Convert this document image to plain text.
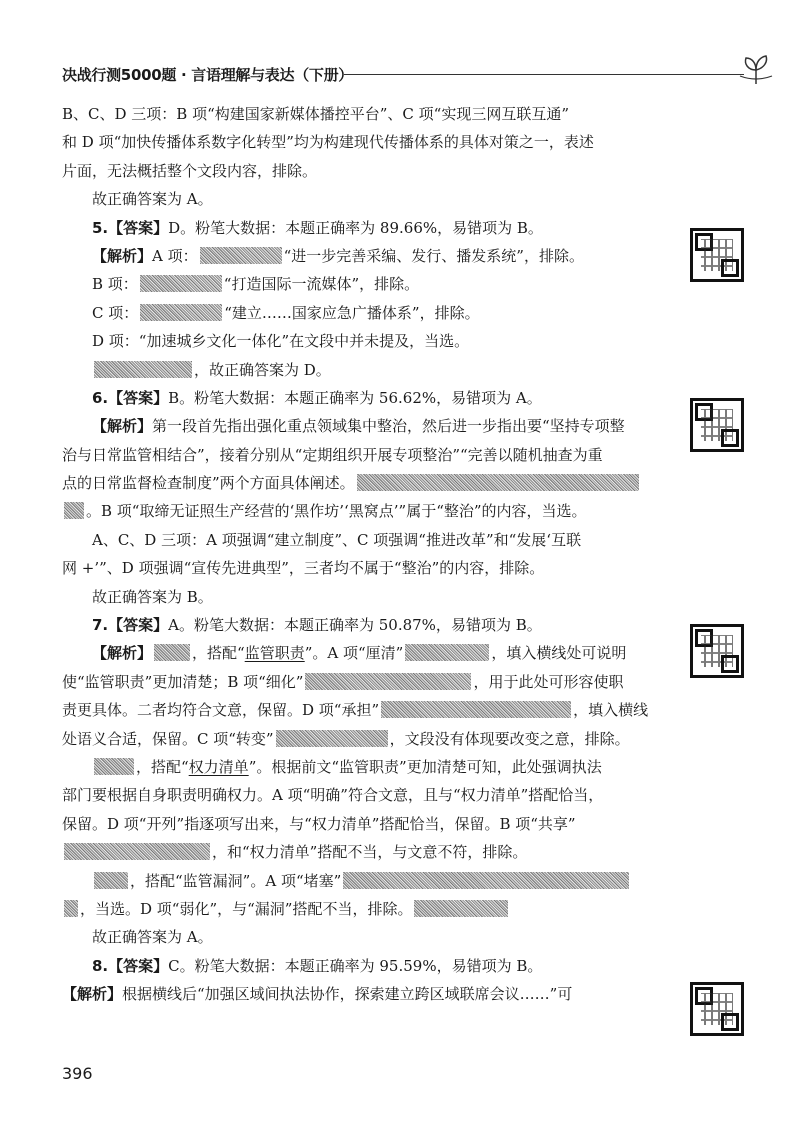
决战行测5000题 · 言语理解与表达（下册）
B、C、D 三项：B 项“构建国家新媒体播控平台”、C 项“实现三网互联互通”
和 D 项“加快传播体系数字化转型”均为构建现代传播体系的具体对策之一，表述
片面，无法概括整个文段内容，排除。
故正确答案为 A。
5.【答案】D。粉笔大数据：本题正确率为 89.66%，易错项为 B。
【解析】A 项：	“进一步完善采编、发行、播发系统”，排除。
B 项：	“打造国际一流媒体”，排除。
C 项：	“建立……国家应急广播体系”，排除。
D 项：“加速城乡文化一体化”在文段中并未提及，当选。
，故正确答案为 D。
6.【答案】B。粉笔大数据：本题正确率为 56.62%，易错项为 A。
【解析】第一段首先指出强化重点领域集中整治，然后进一步指出要“坚持专项整
治与日常监管相结合”，接着分别从“定期组织开展专项整治”“完善以随机抽查为重
点的日常监督检查制度”两个方面具体阐述。
。B 项“取缔无证照生产经营的‘黑作坊’‘黑窝点’”属于“整治”的内容，当选。
A、C、D 三项：A 项强调“建立制度”、C 项强调“推进改革”和“发展‘互联
网 +’”、D 项强调“宣传先进典型”，三者均不属于“整治”的内容，排除。
故正确答案为 B。
7.【答案】A。粉笔大数据：本题正确率为 50.87%，易错项为 B。
【解析】	，搭配“监管职责”。A 项“厘清”	，填入横线处可说明
使“监管职责”更加清楚；B 项“细化”	，用于此处可形容使职
责更具体。二者均符合文意，保留。D 项“承担”	，填入横线
处语义合适，保留。C 项“转变”	，文段没有体现要改变之意，排除。
，搭配“权力清单”。根据前文“监管职责”更加清楚可知，此处强调执法
部门要根据自身职责明确权力。A 项“明确”符合文意，且与“权力清单”搭配恰当，
保留。D 项“开列”指逐项写出来，与“权力清单”搭配恰当，保留。B 项“共享”
，和“权力清单”搭配不当，与文意不符，排除。
，搭配“监管漏洞”。A 项“堵塞”
，当选。D 项“弱化”，与“漏洞”搭配不当，排除。
故正确答案为 A。
8.【答案】C。粉笔大数据：本题正确率为 95.59%，易错项为 B。
【解析】根据横线后“加强区域间执法协作，探索建立跨区域联席会议……”可
396
